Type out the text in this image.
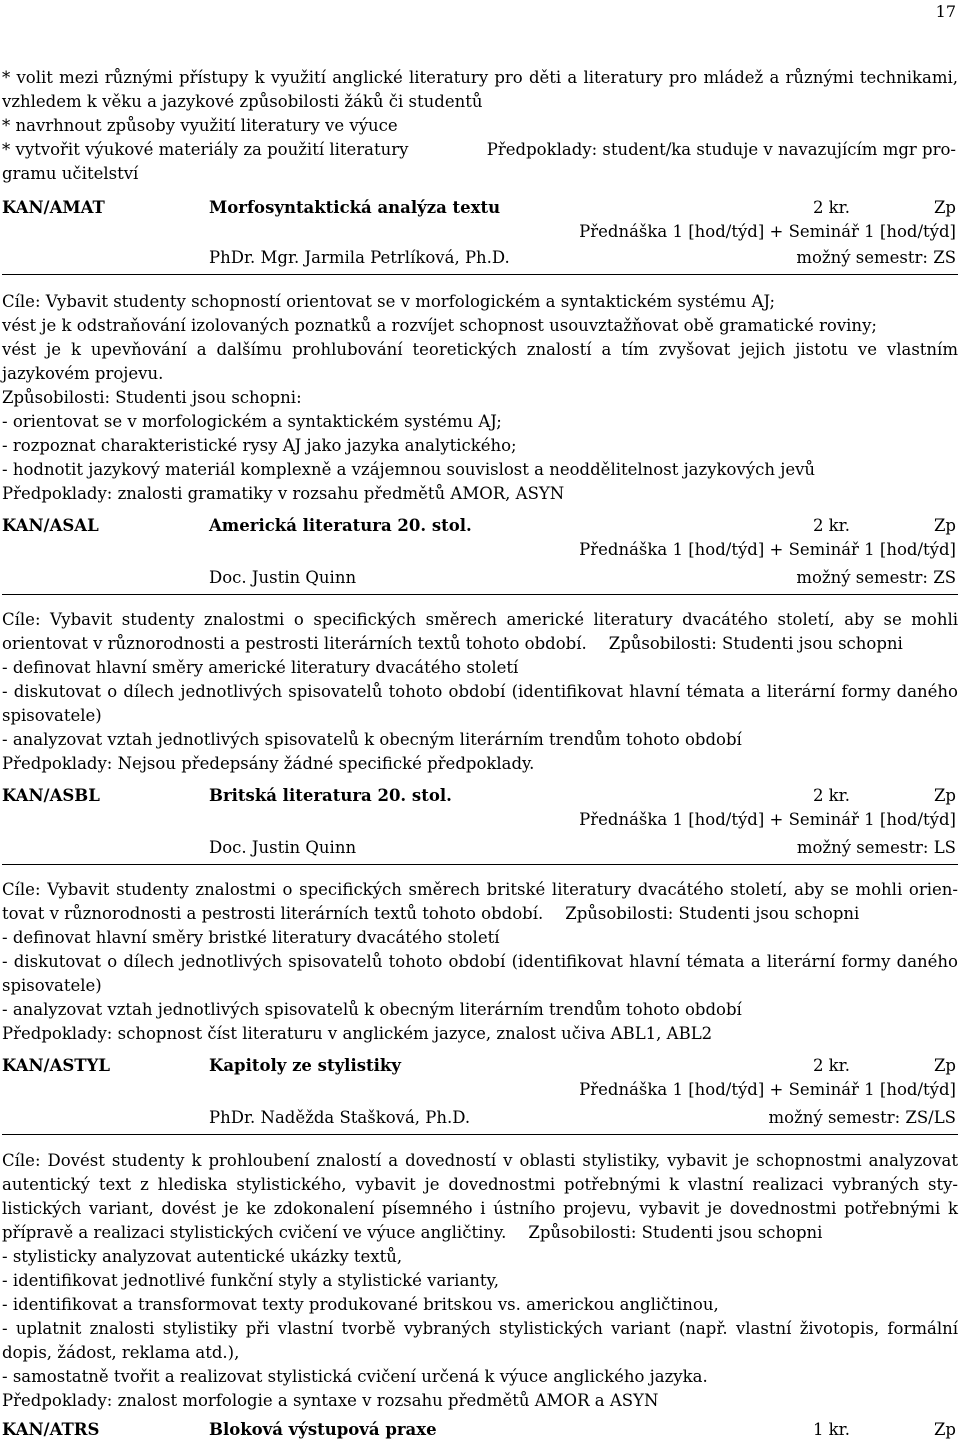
17
* volit mezi různými přístupy k využití anglické literatury pro děti a literatury pro mládež a různými technikami,
vzhledem k věku a jazykové způsobilosti žáků či studentů
* navrhnout způsoby využití literatury ve výuce
* vytvořit výukové materiály za použití literatury	Předpoklady: student/ka studuje v navazujícím mgr pro-
gramu učitelství
KAN/AMAT	Morfosyntaktická analýza textu	2 kr.	Zp
Přednáška 1 [hod/týd] + Seminář 1 [hod/týd]
PhDr. Mgr. Jarmila Petrlíková, Ph.D.	možný semestr: ZS
Cíle: Vybavit studenty schopností orientovat se v morfologickém a syntaktickém systému AJ;
vést je k odstraňování izolovaných poznatků a rozvíjet schopnost usouvztažňovat obě gramatické roviny;
vést je k upevňování a dalšímu prohlubování teoretických znalostí a tím zvyšovat jejich jistotu ve vlastním
jazykovém projevu.
Způsobilosti: Studenti jsou schopni:
- orientovat se v morfologickém a syntaktickém systému AJ;
- rozpoznat charakteristické rysy AJ jako jazyka analytického;
- hodnotit jazykový materiál komplexně a vzájemnou souvislost a neoddělitelnost jazykových jevů
Předpoklady: znalosti gramatiky v rozsahu předmětů AMOR, ASYN
KAN/ASAL	Americká literatura 20. stol.	2 kr.	Zp
Přednáška 1 [hod/týd] + Seminář 1 [hod/týd]
Doc. Justin Quinn	možný semestr: ZS
Cíle: Vybavit studenty znalostmi o specifických směrech americké literatury dvacátého století, aby se mohli
orientovat v různorodnosti a pestrosti literárních textů tohoto období. Způsobilosti: Studenti jsou schopni
- definovat hlavní směry americké literatury dvacátého století
- diskutovat o dílech jednotlivých spisovatelů tohoto období (identifikovat hlavní témata a literární formy daného
spisovatele)
- analyzovat vztah jednotlivých spisovatelů k obecným literárním trendům tohoto období
Předpoklady: Nejsou předepsány žádné specifické předpoklady.
KAN/ASBL	Britská literatura 20. stol.	2 kr.	Zp
Přednáška 1 [hod/týd] + Seminář 1 [hod/týd]
Doc. Justin Quinn	možný semestr: LS
Cíle: Vybavit studenty znalostmi o specifických směrech britské literatury dvacátého století, aby se mohli orien-
tovat v různorodnosti a pestrosti literárních textů tohoto období. Způsobilosti: Studenti jsou schopni
- definovat hlavní směry bristké literatury dvacátého století
- diskutovat o dílech jednotlivých spisovatelů tohoto období (identifikovat hlavní témata a literární formy daného
spisovatele)
- analyzovat vztah jednotlivých spisovatelů k obecným literárním trendům tohoto období
Předpoklady: schopnost číst literaturu v anglickém jazyce, znalost učiva ABL1, ABL2
KAN/ASTYL	Kapitoly ze stylistiky	2 kr.	Zp
Přednáška 1 [hod/týd] + Seminář 1 [hod/týd]
PhDr. Naděžda Stašková, Ph.D.	možný semestr: ZS/LS
Cíle: Dovést studenty k prohloubení znalostí a dovedností v oblasti stylistiky, vybavit je schopnostmi analyzovat
autentický text z hlediska stylistického, vybavit je dovednostmi potřebnými k vlastní realizaci vybraných sty-
listických variant, dovést je ke zdokonalení písemného i ústního projevu, vybavit je dovednostmi potřebnými k
přípravě a realizaci stylistických cvičení ve výuce angličtiny. Způsobilosti: Studenti jsou schopni
- stylisticky analyzovat autentické ukázky textů,
- identifikovat jednotlivé funkční styly a stylistické varianty,
- identifikovat a transformovat texty produkované britskou vs. americkou angličtinou,
- uplatnit znalosti stylistiky při vlastní tvorbě vybraných stylistických variant (např. vlastní životopis, formální
dopis, žádost, reklama atd.),
- samostatně tvořit a realizovat stylistická cvičení určená k výuce anglického jazyka.
Předpoklady: znalost morfologie a syntaxe v rozsahu předmětů AMOR a ASYN
KAN/ATRS	Bloková výstupová praxe	1 kr.	Zp
